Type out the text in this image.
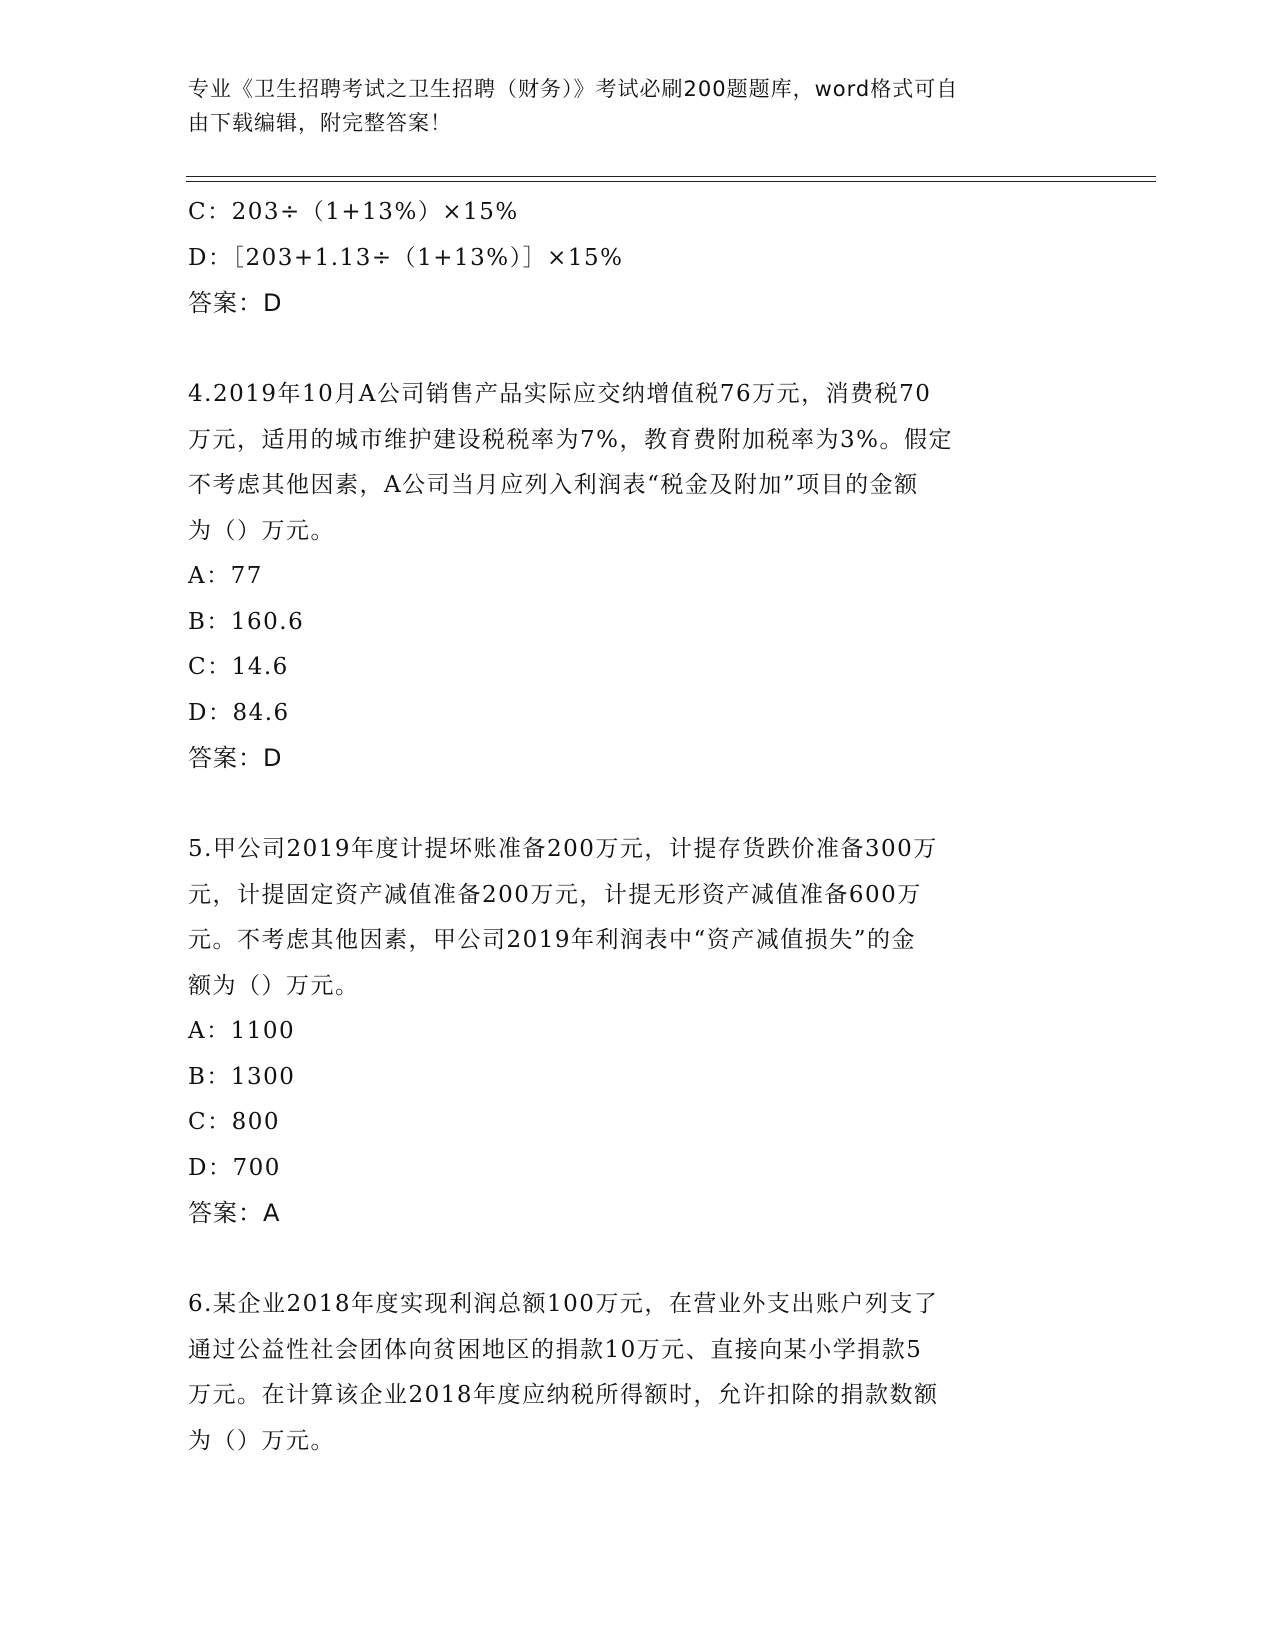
专业《卫生招聘考试之卫生招聘（财务）》考试必刷200题题库，word格式可自
由下载编辑，附完整答案！
C：203÷（1+13%）×15%
D：［203+1.13÷（1+13%）］×15%
答案：D
4.2019年10月A公司销售产品实际应交纳增值税76万元，消费税70
万元，适用的城市维护建设税税率为7%，教育费附加税率为3%。假定
不考虑其他因素，A公司当月应列入利润表“税金及附加”项目的金额
为（）万元。
A：77
B：160.6
C：14.6
D：84.6
答案：D
5.甲公司2019年度计提坏账准备200万元，计提存货跌价准备300万
元，计提固定资产减值准备200万元，计提无形资产减值准备600万
元。不考虑其他因素，甲公司2019年利润表中“资产减值损失”的金
额为（）万元。
A：1100
B：1300
C：800
D：700
答案：A
6.某企业2018年度实现利润总额100万元，在营业外支出账户列支了
通过公益性社会团体向贫困地区的捐款10万元、直接向某小学捐款5
万元。在计算该企业2018年度应纳税所得额时，允许扣除的捐款数额
为（）万元。
